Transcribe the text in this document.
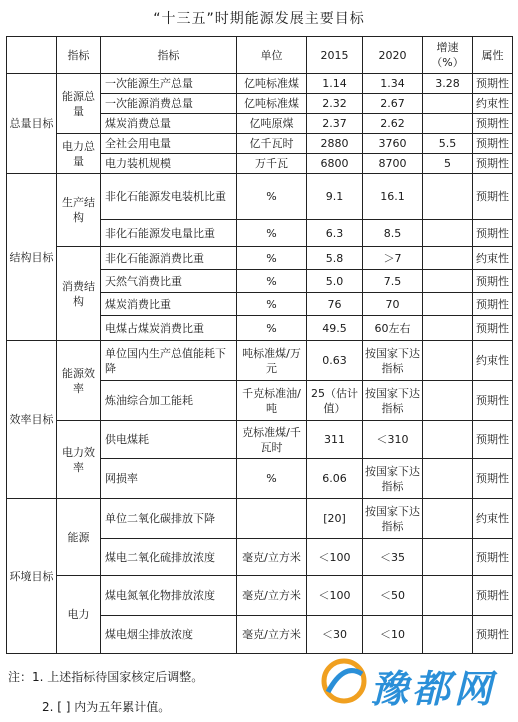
“十三五”时期能源发展主要目标
	指标	指标	单位	2015	2020	增速（%）	属性
总量目标	能源总量	一次能源生产总量	亿吨标准煤	1.14	1.34	3.28	预期性
		一次能源消费总量	亿吨标准煤	2.32	2.67		约束性
		煤炭消费总量	亿吨原煤	2.37	2.62		预期性
	电力总量	全社会用电量	亿千瓦时	2880	3760	5.5	预期性
		电力装机规模	万千瓦	6800	8700	5	预期性
结构目标	生产结构	非化石能源发电装机比重	%	9.1	16.1		预期性
		非化石能源发电量比重	%	6.3	8.5		预期性
	消费结构	非化石能源消费比重	%	5.8	＞7		约束性
		天然气消费比重	%	5.0	7.5		预期性
		煤炭消费比重	%	76	70		预期性
		电煤占煤炭消费比重	%	49.5	60左右		预期性
效率目标	能源效率	单位国内生产总值能耗下降	吨标准煤/万元	0.63	按国家下达指标		约束性
		炼油综合加工能耗	千克标准油/吨	25（估计值）	按国家下达指标		预期性
	电力效率	供电煤耗	克标准煤/千瓦时	311	＜310		预期性
		网损率	%	6.06	按国家下达指标		预期性
环境目标	能源	单位二氧化碳排放下降		[20]	按国家下达指标		约束性
		煤电二氧化硫排放浓度	毫克/立方米	＜100	＜35		预期性
	电力	煤电氮氧化物排放浓度	毫克/立方米	＜100	＜50		预期性
		煤电烟尘排放浓度	毫克/立方米	＜30	＜10		预期性
注：1. 上述指标待国家核定后调整。
2. [ ] 内为五年累计值。	豫都网
